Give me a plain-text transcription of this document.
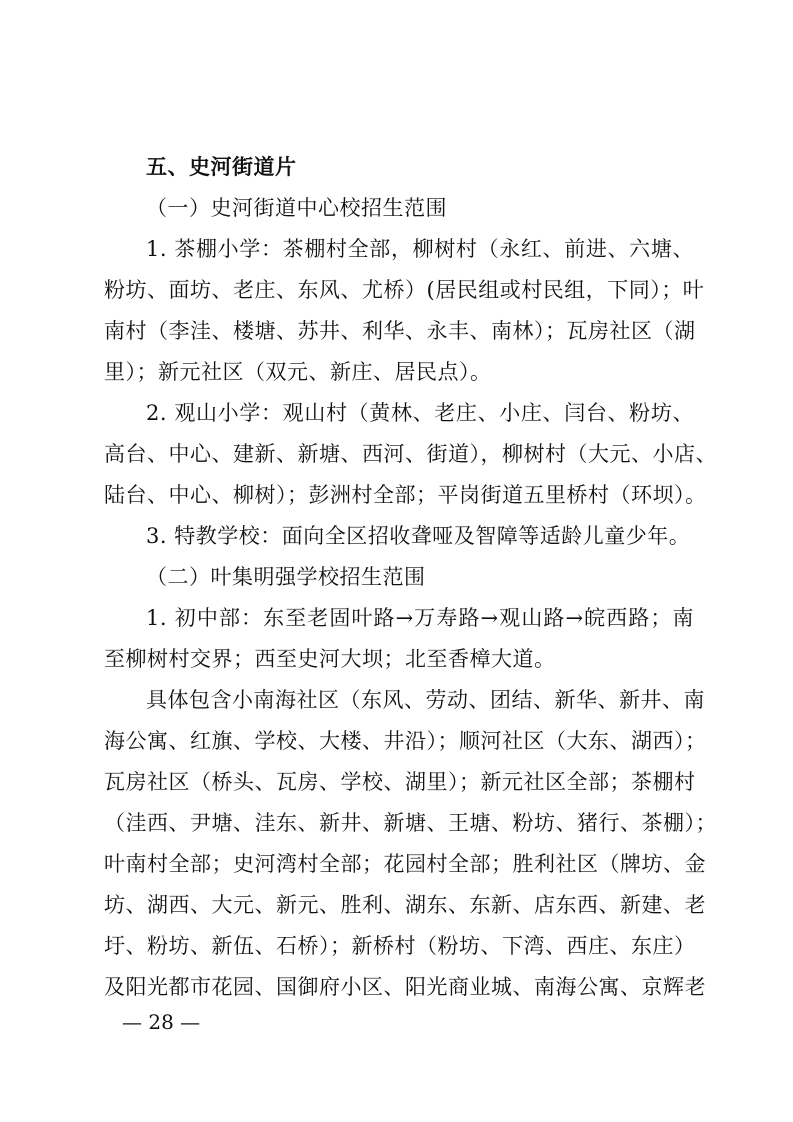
五、史河街道片
（一）史河街道中心校招生范围
1. 茶棚小学：茶棚村全部，柳树村（永红、前进、六塘、
粉坊、面坊、老庄、东风、尤桥）(居民组或村民组，下同）；叶
南村（李洼、楼塘、苏井、利华、永丰、南林）；瓦房社区（湖
里）；新元社区（双元、新庄、居民点）。
2. 观山小学：观山村（黄林、老庄、小庄、闫台、粉坊、
高台、中心、建新、新塘、西河、街道），柳树村（大元、小店、
陆台、中心、柳树）；彭洲村全部；平岗街道五里桥村（环坝）。
3. 特教学校：面向全区招收聋哑及智障等适龄儿童少年。
（二）叶集明强学校招生范围
1. 初中部：东至老固叶路→万寿路→观山路→皖西路；南
至柳树村交界；西至史河大坝；北至香樟大道。
具体包含小南海社区（东风、劳动、团结、新华、新井、南
海公寓、红旗、学校、大楼、井沿）；顺河社区（大东、湖西）；
瓦房社区（桥头、瓦房、学校、湖里）；新元社区全部；茶棚村
（洼西、尹塘、洼东、新井、新塘、王塘、粉坊、猪行、茶棚）；
叶南村全部；史河湾村全部；花园村全部；胜利社区（牌坊、金
坊、湖西、大元、新元、胜利、湖东、东新、店东西、新建、老
圩、粉坊、新伍、石桥）；新桥村（粉坊、下湾、西庄、东庄）
及阳光都市花园、国御府小区、阳光商业城、南海公寓、京辉老
— 28 —
